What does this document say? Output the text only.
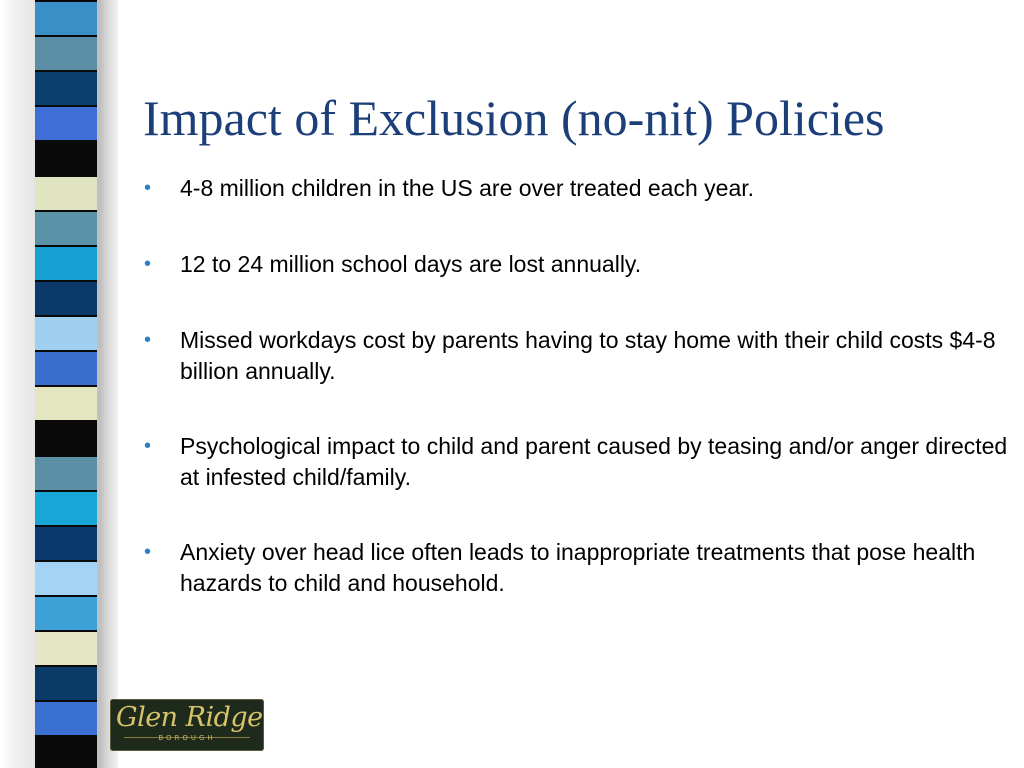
Impact of Exclusion (no-nit) Policies
• 4-8 million children in the US are over treated each year.
• 12 to 24 million school days are lost annually.
• Missed workdays cost by parents having to stay home with their child costs $4-8 billion annually.
• Psychological impact to child and parent caused by teasing and/or anger directed at infested child/family.
• Anxiety over head lice often leads to inappropriate treatments that pose health hazards to child and household.
Glen Ridge
BOROUGH
